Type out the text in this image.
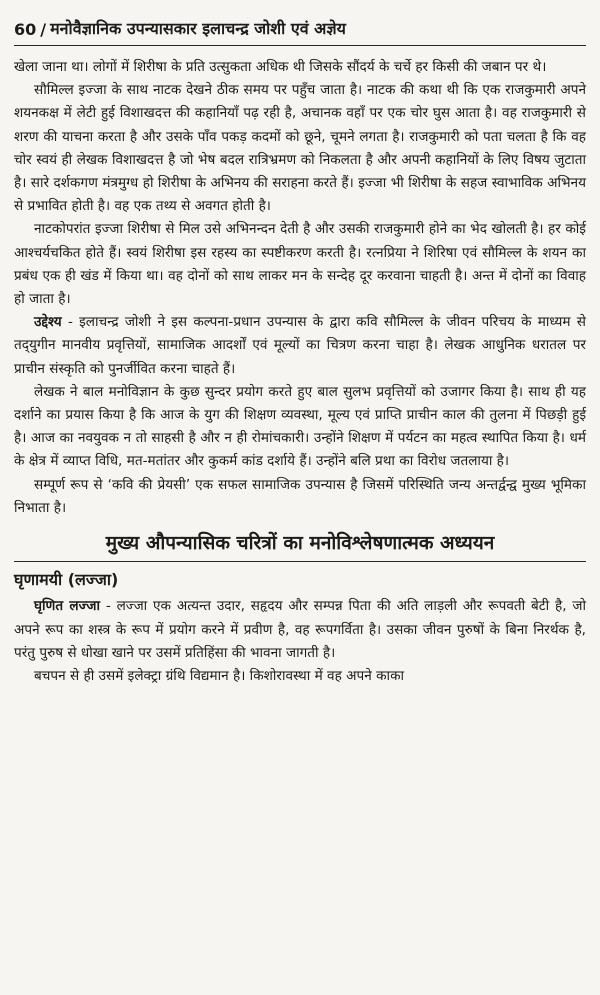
60 / मनोवैज्ञानिक उपन्यासकार इलाचन्द्र जोशी एवं अज्ञेय

खेला जाना था। लोगों में शिरीषा के प्रति उत्सुकता अधिक थी जिसके सौंदर्य के चर्चे हर किसी की जबान पर थे।

सौमिल्ल इज्जा के साथ नाटक देखने ठीक समय पर पहुँच जाता है। नाटक की कथा थी कि एक राजकुमारी अपने शयनकक्ष में लेटी हुई विशाखदत्त की कहानियाँ पढ़ रही है, अचानक वहाँ पर एक चोर घुस आता है। वह राजकुमारी से शरण की याचना करता है और उसके पाँव पकड़ कदमों को छूने, चूमने लगता है। राजकुमारी को पता चलता है कि वह चोर स्वयं ही लेखक विशाखदत्त है जो भेष बदल रात्रिभ्रमण को निकलता है और अपनी कहानियों के लिए विषय जुटाता है। सारे दर्शकगण मंत्रमुग्ध हो शिरीषा के अभिनय की सराहना करते हैं। इज्जा भी शिरीषा के सहज स्वाभाविक अभिनय से प्रभावित होती है। वह एक तथ्य से अवगत होती है।

नाटकोपरांत इज्जा शिरीषा से मिल उसे अभिनन्दन देती है और उसकी राजकुमारी होने का भेद खोलती है। हर कोई आश्चर्यचकित होते हैं। स्वयं शिरीषा इस रहस्य का स्पष्टीकरण करती है। रत्नप्रिया ने शिरिषा एवं सौमिल्ल के शयन का प्रबंध एक ही खंड में किया था। वह दोनों को साथ लाकर मन के सन्देह दूर करवाना चाहती है। अन्त में दोनों का विवाह हो जाता है।

उद्देश्य - इलाचन्द्र जोशी ने इस कल्पना-प्रधान उपन्यास के द्वारा कवि सौमिल्ल के जीवन परिचय के माध्यम से तद्‌युगीन मानवीय प्रवृत्तियों, सामाजिक आदर्शों एवं मूल्यों का चित्रण करना चाहा है। लेखक आधुनिक धरातल पर प्राचीन संस्कृति को पुनर्जीवित करना चाहते हैं।

लेखक ने बाल मनोविज्ञान के कुछ सुन्दर प्रयोग करते हुए बाल सुलभ प्रवृत्तियों को उजागर किया है। साथ ही यह दर्शाने का प्रयास किया है कि आज के युग की शिक्षण व्यवस्था, मूल्य एवं प्राप्ति प्राचीन काल की तुलना में पिछड़ी हुई है। आज का नवयुवक न तो साहसी है और न ही रोमांचकारी। उन्होंने शिक्षण में पर्यटन का महत्व स्थापित किया है। धर्म के क्षेत्र में व्याप्त विधि, मत-मतांतर और कुकर्म कांड दर्शाये हैं। उन्होंने बलि प्रथा का विरोध जतलाया है।

सम्पूर्ण रूप से ‘कवि की प्रेयसी’ एक सफल सामाजिक उपन्यास है जिसमें परिस्थिति जन्य अन्तर्द्वन्द्व मुख्य भूमिका निभाता है।

मुख्य औपन्यासिक चरित्रों का मनोविश्लेषणात्मक अध्ययन
घृणामयी (लज्जा)

घृणित लज्जा - लज्जा एक अत्यन्त उदार, सहृदय और सम्पन्न पिता की अति लाड़ली और रूपवती बेटी है, जो अपने रूप का शस्त्र के रूप में प्रयोग करने में प्रवीण है, वह रूपगर्विता है। उसका जीवन पुरुषों के बिना निरर्थक है, परंतु पुरुष से धोखा खाने पर उसमें प्रतिहिंसा की भावना जागती है।

बचपन से ही उसमें इलेक्ट्रा ग्रंथि विद्यमान है। किशोरावस्था में वह अपने काका
